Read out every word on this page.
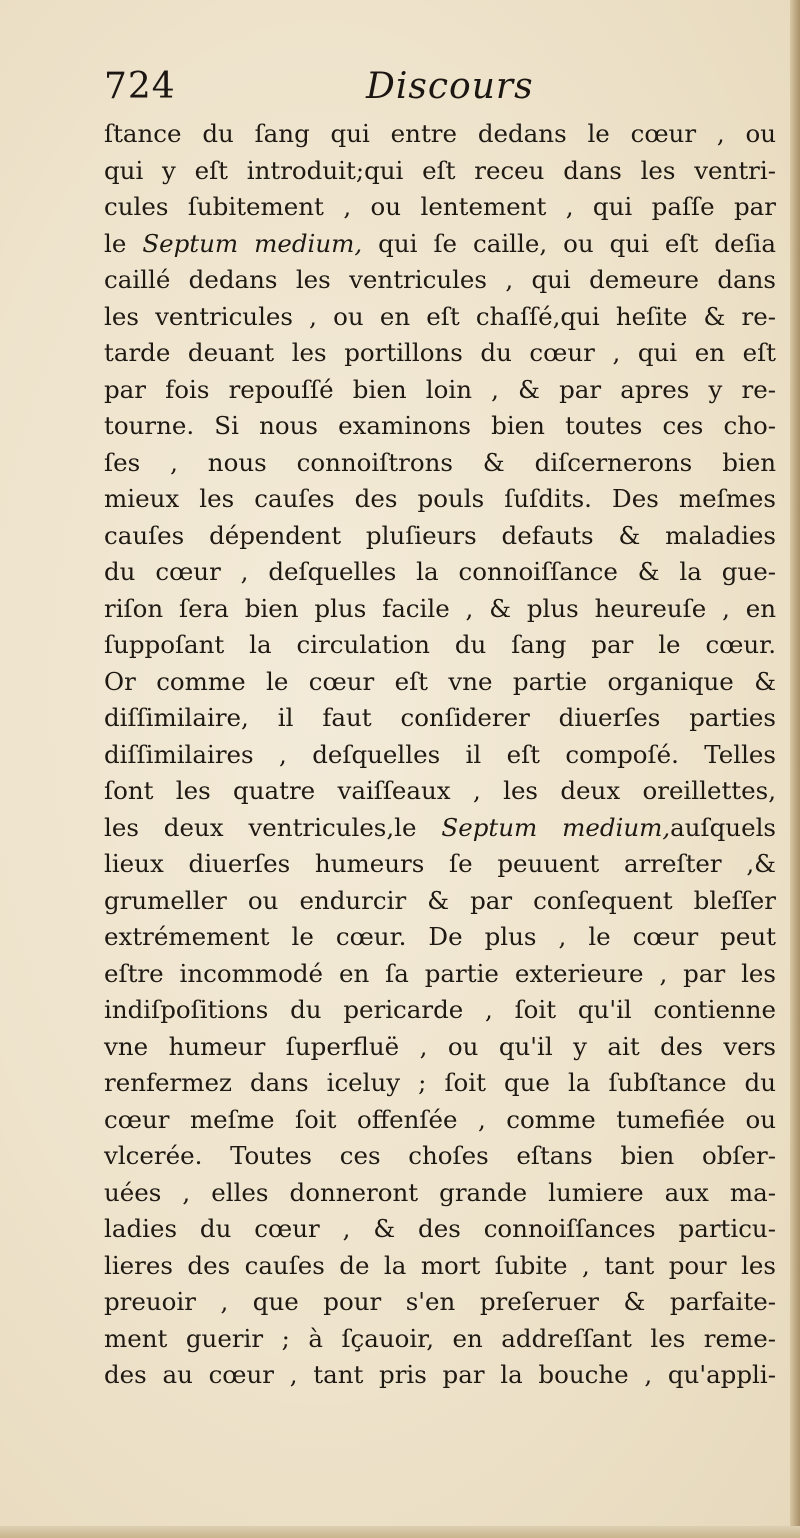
724	Discours
ſtance du ſang qui entre dedans le cœur , ou
qui y eſt introduit;qui eſt receu dans les ventri-
cules ſubitement , ou lentement , qui paſſe par
le Septum medium, qui ſe caille, ou qui eſt deſia
caillé dedans les ventricules , qui demeure dans
les ventricules , ou en eſt chaſſé,qui heſite & re-
tarde deuant les portillons du cœur , qui en eſt
par fois repouſſé bien loin , & par apres y re-
tourne. Si nous examinons bien toutes ces cho-
ſes , nous connoiſtrons & diſcernerons bien
mieux les cauſes des pouls ſuſdits. Des meſmes
cauſes dépendent pluſieurs defauts & maladies
du cœur , deſquelles la connoiſſance & la gue-
riſon ſera bien plus facile , & plus heureuſe , en
ſuppoſant la circulation du ſang par le cœur.
Or comme le cœur eſt vne partie organique &
diſſimilaire, il faut conſiderer diuerſes parties
diſſimilaires , deſquelles il eſt compoſé. Telles
ſont les quatre vaiſſeaux , les deux oreillettes,
les deux ventricules,le Septum medium,auſquels
lieux diuerſes humeurs ſe peuuent arreſter ,&
grumeller ou endurcir & par conſequent bleſſer
extrémement le cœur. De plus , le cœur peut
eſtre incommodé en ſa partie exterieure , par les
indiſpoſitions du pericarde , ſoit qu'il contienne
vne humeur ſuperfluë , ou qu'il y ait des vers
renfermez dans iceluy ; ſoit que la ſubſtance du
cœur meſme ſoit offenſée , comme tumefiée ou
vlcerée. Toutes ces choſes eſtans bien obſer-
uées , elles donneront grande lumiere aux ma-
ladies du cœur , & des connoiſſances particu-
lieres des cauſes de la mort ſubite , tant pour les
preuoir , que pour s'en preſeruer & parfaite-
ment guerir ; à ſçauoir, en addreſſant les reme-
des au cœur , tant pris par la bouche , qu'appli-
